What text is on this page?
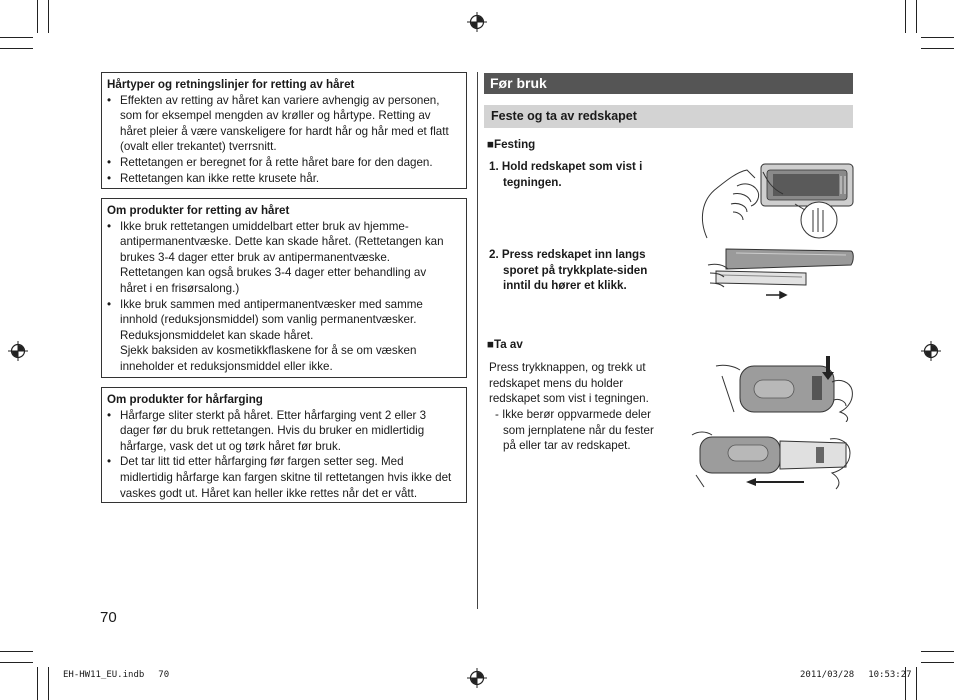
Hårtyper og retningslinjer for retting av håret
• Effekten av retting av håret kan variere avhengig av personen,
som for eksempel mengden av krøller og hårtype. Retting av
håret pleier å være vanskeligere for hardt hår og hår med et flatt
(ovalt eller trekantet) tverrsnitt.
• Rettetangen er beregnet for å rette håret bare for den dagen.
• Rettetangen kan ikke rette krusete hår.
Om produkter for retting av håret
• Ikke bruk rettetangen umiddelbart etter bruk av hjemme-
antipermanentvæske. Dette kan skade håret. (Rettetangen kan
brukes 3-4 dager etter bruk av antipermanentvæske.
Rettetangen kan også brukes 3-4 dager etter behandling av
håret i en frisørsalong.)
• Ikke bruk sammen med antipermanentvæsker med samme
innhold (reduksjonsmiddel) som vanlig permanentvæsker.
Reduksjonsmiddelet kan skade håret.
Sjekk baksiden av kosmetikkflaskene for å se om væsken
inneholder et reduksjonsmiddel eller ikke.
Om produkter for hårfarging
• Hårfarge sliter sterkt på håret. Etter hårfarging vent 2 eller 3
dager før du bruk rettetangen. Hvis du bruker en midlertidig
hårfarge, vask det ut og tørk håret før bruk.
• Det tar litt tid etter hårfarging før fargen setter seg. Med
midlertidig hårfarge kan fargen skitne til rettetangen hvis ikke det
vaskes godt ut. Håret kan heller ikke rettes når det er vått.
Før bruk
Feste og ta av redskapet
■Festing
1. Hold redskapet som vist i
tegningen.
2. Press redskapet inn langs
sporet på trykkplate-siden
inntil du hører et klikk.
■Ta av
Press trykknappen, og trekk ut
redskapet mens du holder
redskapet som vist i tegningen.
- Ikke berør oppvarmede deler
som jernplatene når du fester
på eller tar av redskapet.
70
EH-HW11_EU.indb 70	2011/03/28 10:53:27
